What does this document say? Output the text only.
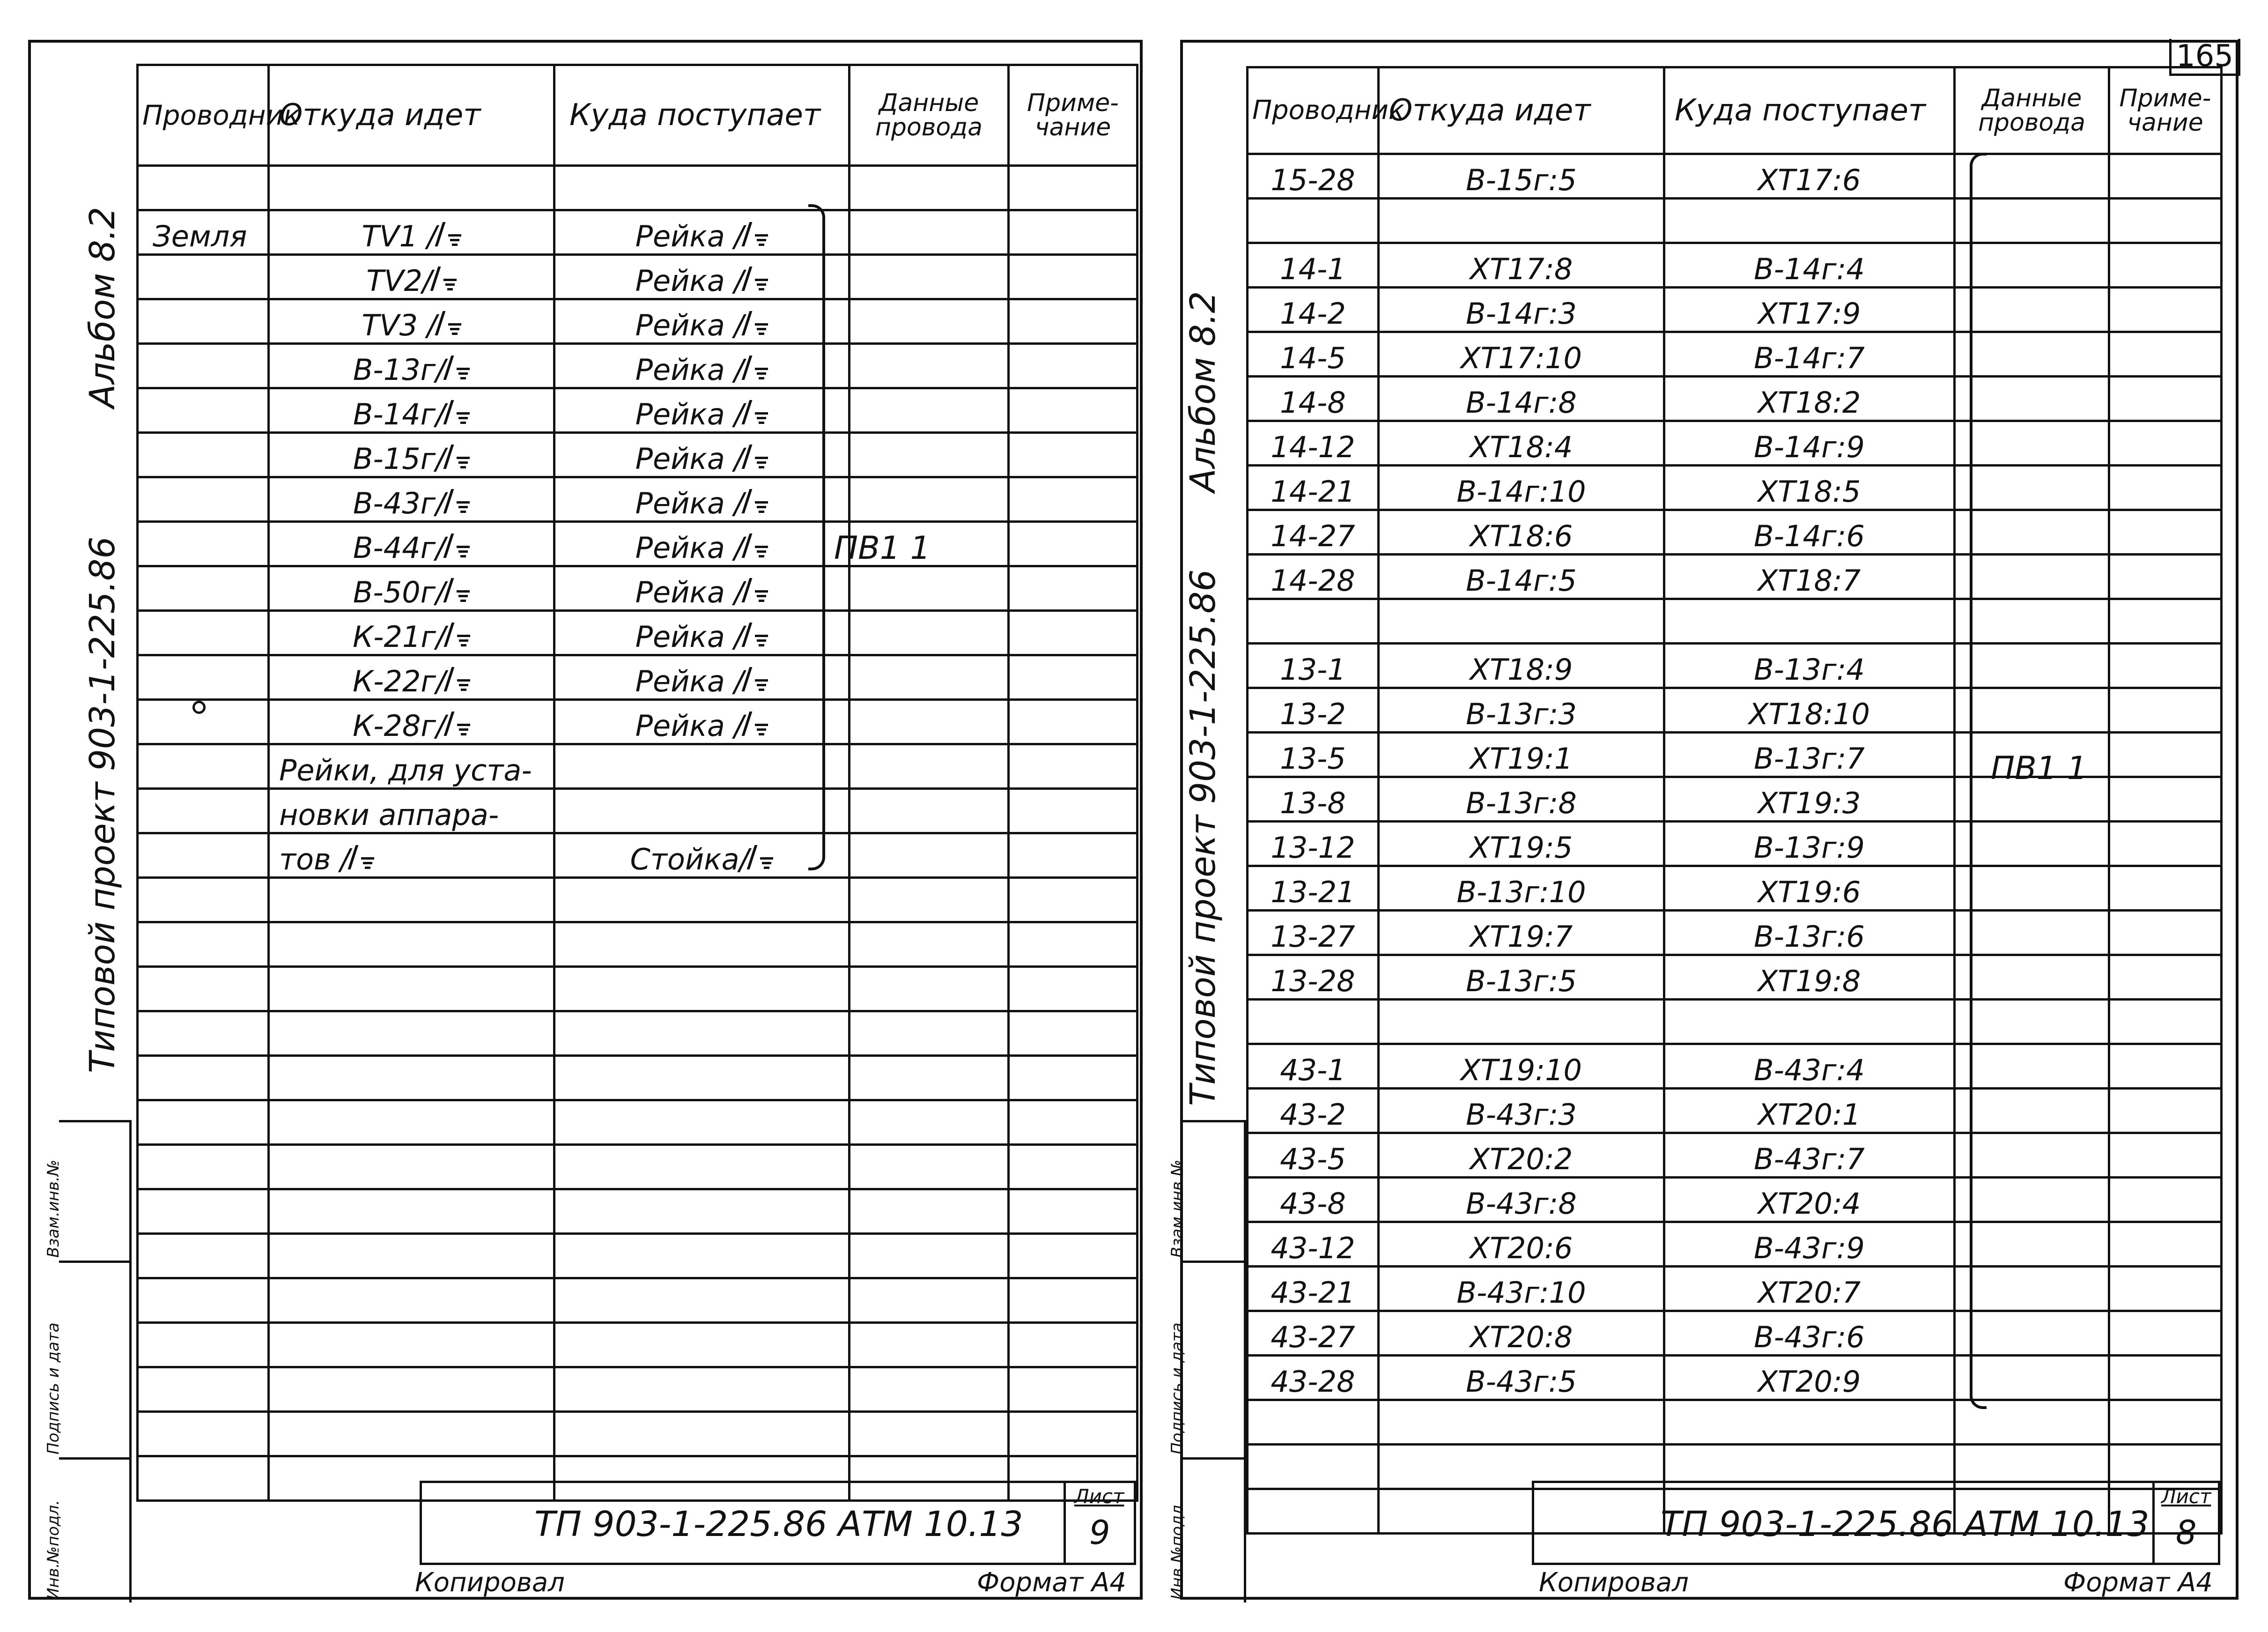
Альбом 8.2
Типовой проект 903-1-225.86
Взам.инв.№
Подпись и дата
Инв.№подл.
Проводник	Откуда идет	Куда поступает	Данные провода	Приме-чание

Земля	TV1 /	Рейка /

	TV2/	Рейка /

	TV3 /	Рейка /

	В-13г/	Рейка /

	В-14г/	Рейка /

	В-15г/	Рейка /

	В-43г/	Рейка /

	В-44г/	Рейка /

	В-50г/	Рейка /

	К-21г/	Рейка /

	К-22г/	Рейка /

	К-28г/	Рейка /

	Рейки, для уста-			
	новки аппара-			
	тов /	Стойка/

ПВ1 1
ТП 903-1-225.86 АТМ 10.13
Лист
9
Копировал	Формат А4
165
Альбом 8.2
Типовой проект 903-1-225.86
Взам.инв.№
Подпись и дата
Инв.№подл.
Проводник	Откуда идет	Куда поступает	Данные провода	Приме-чание
15-28	В-15г:5	ХТ17:6		

14-1	ХТ17:8	В-14г:4		
14-2	В-14г:3	ХТ17:9		
14-5	ХТ17:10	В-14г:7		
14-8	В-14г:8	ХТ18:2		
14-12	ХТ18:4	В-14г:9		
14-21	В-14г:10	ХТ18:5		
14-27	ХТ18:6	В-14г:6		
14-28	В-14г:5	ХТ18:7		

13-1	ХТ18:9	В-13г:4		
13-2	В-13г:3	ХТ18:10		
13-5	ХТ19:1	В-13г:7		
13-8	В-13г:8	ХТ19:3		
13-12	ХТ19:5	В-13г:9		
13-21	В-13г:10	ХТ19:6		
13-27	ХТ19:7	В-13г:6		
13-28	В-13г:5	ХТ19:8		

43-1	ХТ19:10	В-43г:4		
43-2	В-43г:3	ХТ20:1		
43-5	ХТ20:2	В-43г:7		
43-8	В-43г:8	ХТ20:4		
43-12	ХТ20:6	В-43г:9		
43-21	В-43г:10	ХТ20:7		
43-27	ХТ20:8	В-43г:6		
43-28	В-43г:5	ХТ20:9		

ПВ1 1
ТП 903-1-225.86 АТМ 10.13
Лист
8
Копировал	Формат А4
